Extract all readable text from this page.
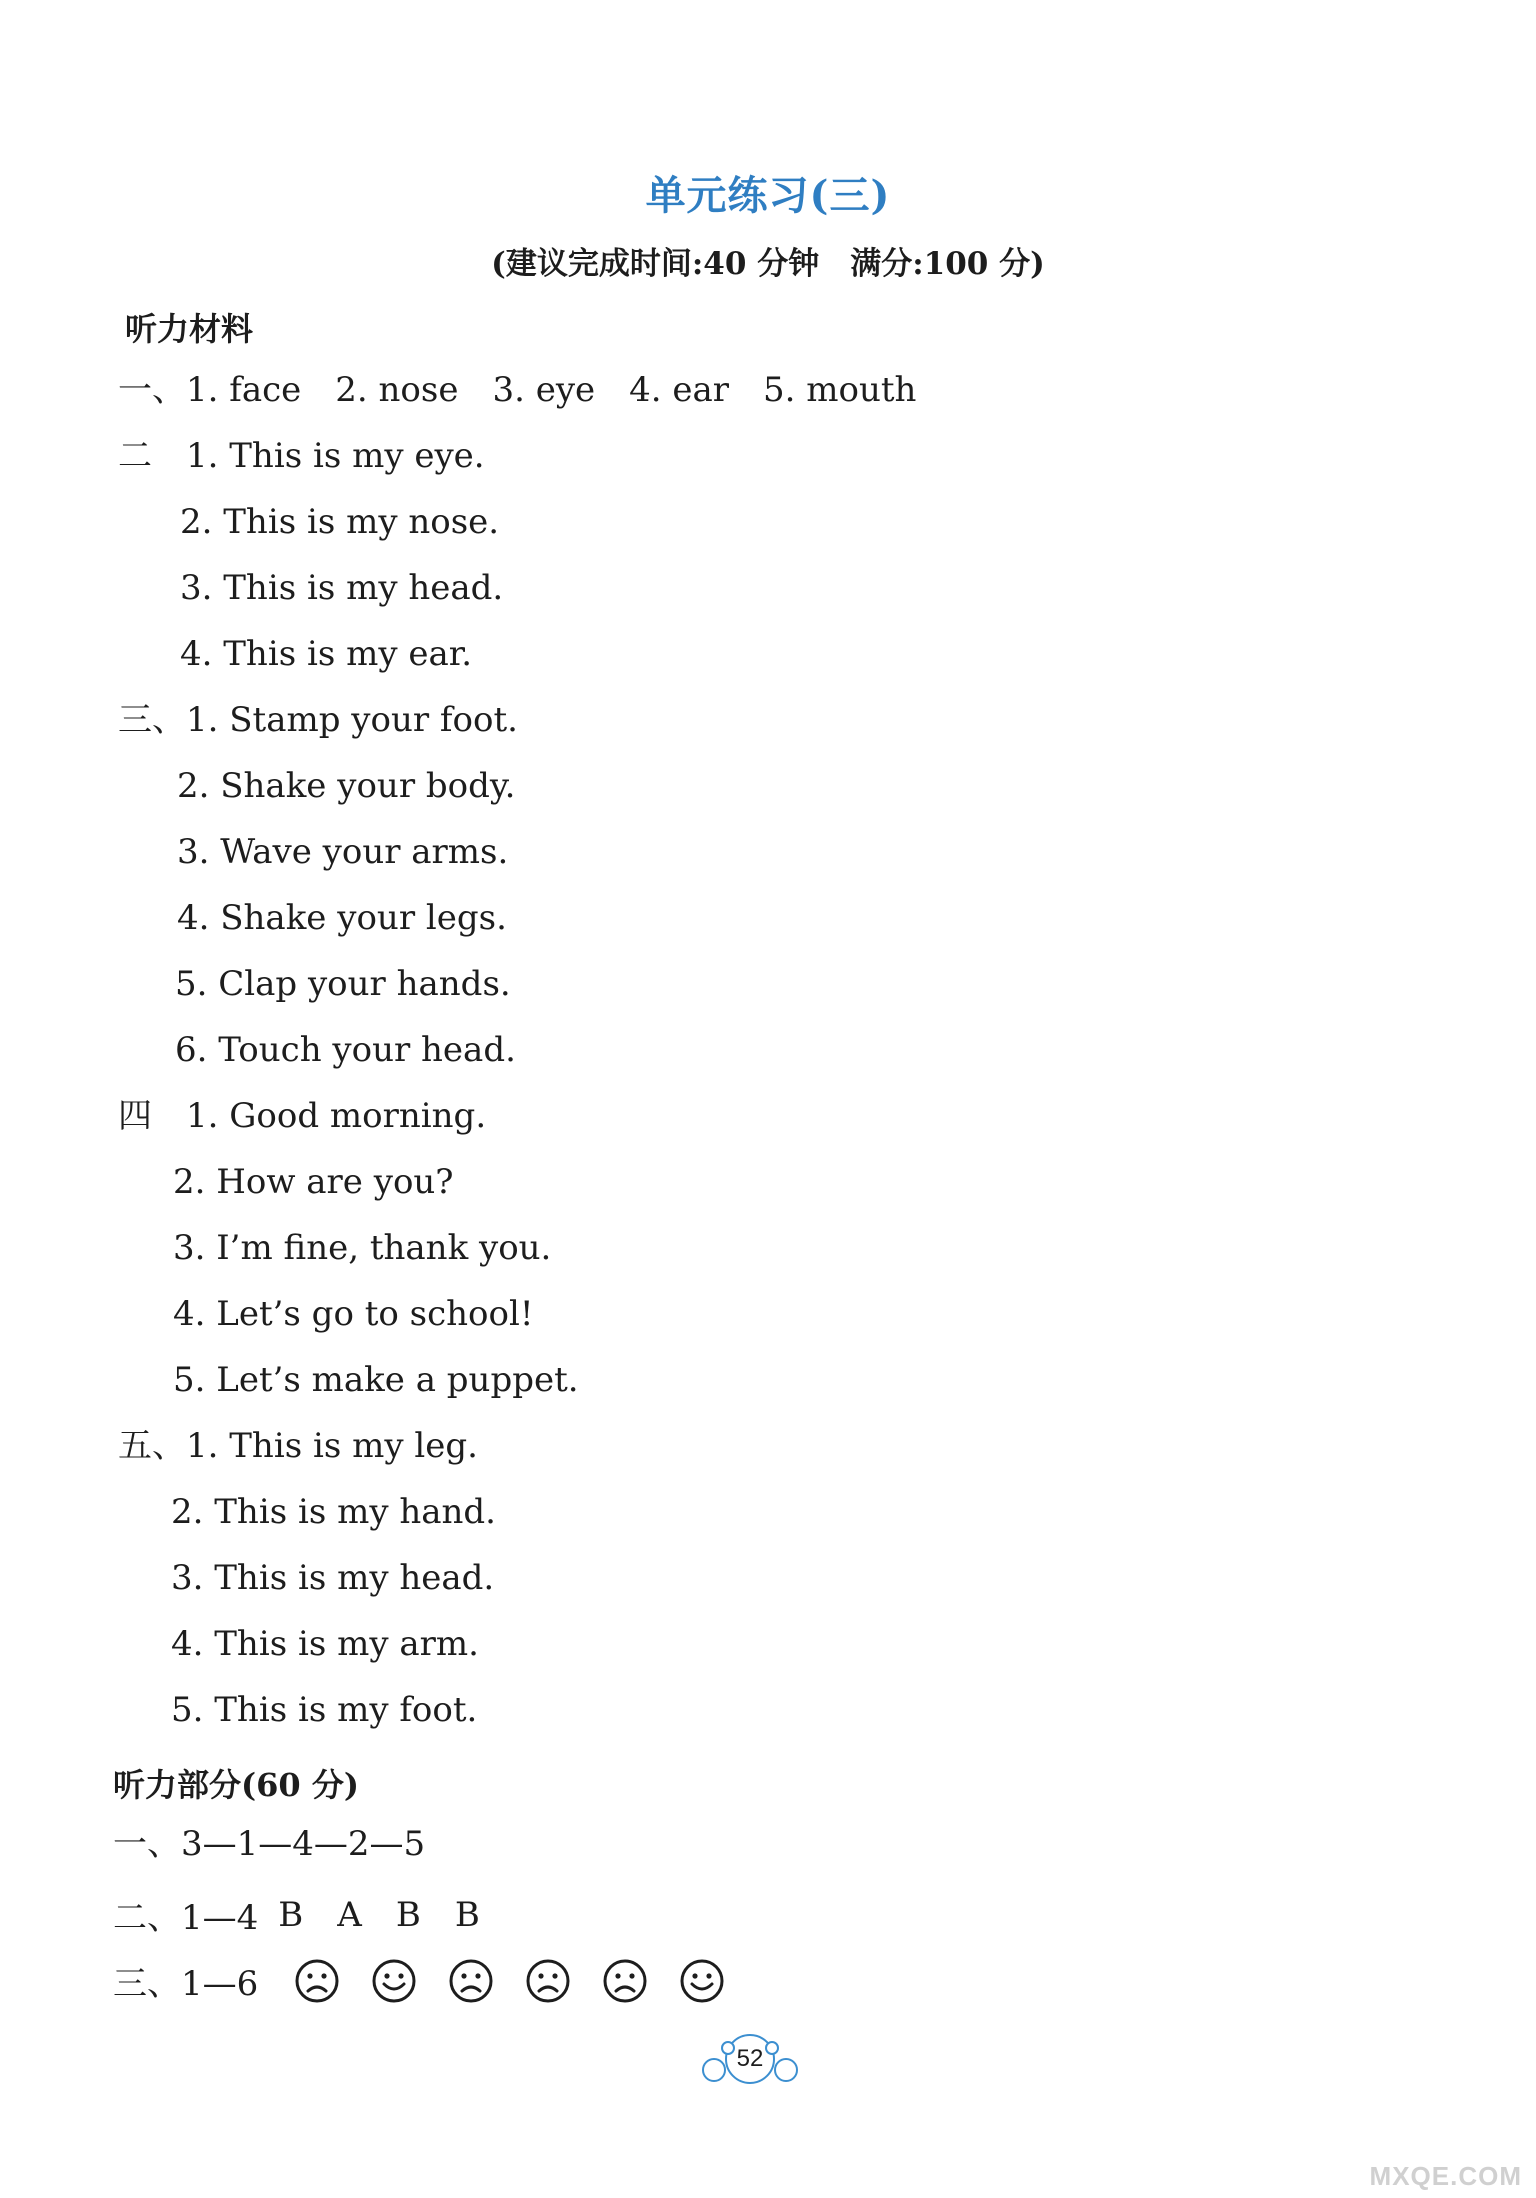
单元练习(三)
(建议完成时间:40 分钟　满分:100 分)
听力材料
一、1. face　2. nose　3. eye　4. ear　5. mouth
二　1. This is my eye.
2. This is my nose.
3. This is my head.
4. This is my ear.
三、1. Stamp your foot.
2. Shake your body.
3. Wave your arms.
4. Shake your legs.
5. Clap your hands.
6. Touch your head.
四　1. Good morning.
2. How are you?
3. I’m fine, thank you.
4. Let’s go to school!
5. Let’s make a puppet.
五、1. This is my leg.
2. This is my hand.
3. This is my head.
4. This is my arm.
5. This is my foot.
听力部分(60 分)
一、3—1—4—2—5
二、1—4 B A B B
三、1—6
52
MXQE.COM
